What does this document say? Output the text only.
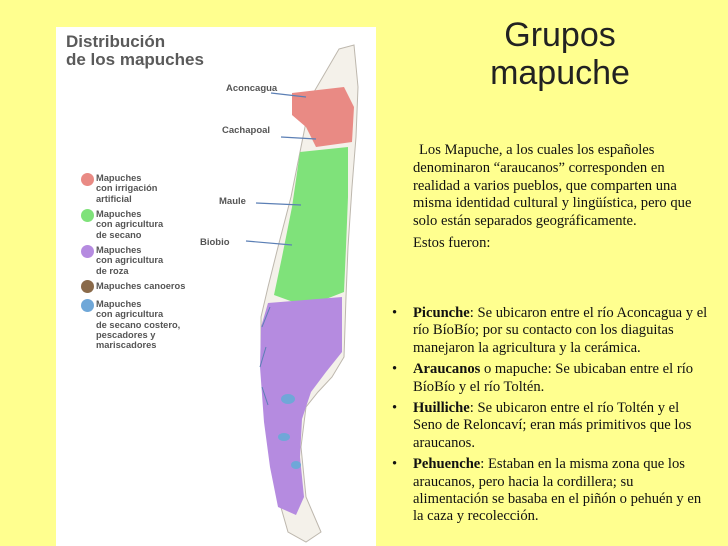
Distribución
de los mapuches
Aconcagua
Cachapoal
Maule
Biobio
Mapuches
con irrigación
artificial
Mapuches
con agricultura
de secano
Mapuches
con agricultura
de roza
Mapuches canoeros
Mapuches
con agricultura
de secano costero,
pescadores y
mariscadores
Grupos
mapuche

Los Mapuche, a los cuales los españoles denominaron “araucanos” corresponden en realidad a varios pueblos, que comparten una misma identidad cultural y lingüística, pero que solo están separados geográficamente.

Estos fueron:

• Picunche: Se ubicaron entre el río Aconcagua y el río BíoBío; por su contacto con los diaguitas manejaron la agricultura y la cerámica.
• Araucanos o mapuche: Se ubicaban entre el río BíoBío y el río Toltén.
• Huilliche: Se ubicaron entre el río Toltén y el Seno de Reloncaví; eran más primitivos que los araucanos.
• Pehuenche: Estaban en la misma zona que los araucanos, pero hacia la cordillera; su alimentación se basaba en el piñón o pehuén y en la caza y recolección.
